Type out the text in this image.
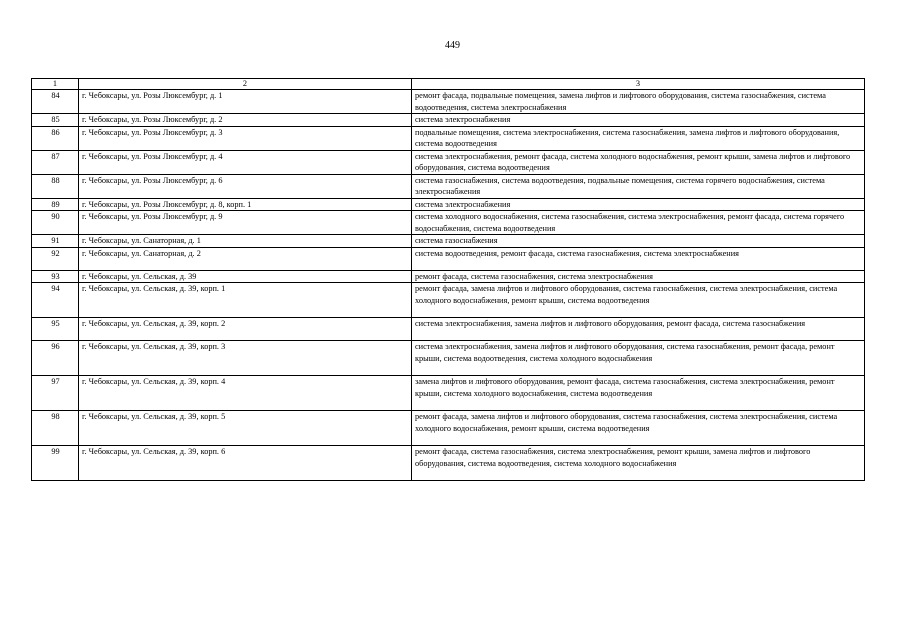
449
1	2	3
84	г. Чебоксары, ул. Розы Люксембург, д. 1	ремонт фасада, подвальные помещения, замена лифтов и лифтового оборудования, система газоснабжения, система водоотведения, система электроснабжения
85	г. Чебоксары, ул. Розы Люксембург, д. 2	система электроснабжения
86	г. Чебоксары, ул. Розы Люксембург, д. 3	подвальные помещения, система электроснабжения, система газоснабжения, замена лифтов и лифтового оборудования, система водоотведения
87	г. Чебоксары, ул. Розы Люксембург, д. 4	система электроснабжения, ремонт фасада, система холодного водоснабжения, ремонт крыши, замена лифтов и лифтового оборудования, система водоотведения
88	г. Чебоксары, ул. Розы Люксембург, д. 6	система газоснабжения, система водоотведения, подвальные помещения, система горячего водоснабжения, система электроснабжения
89	г. Чебоксары, ул. Розы Люксембург, д. 8, корп. 1	система электроснабжения
90	г. Чебоксары, ул. Розы Люксембург, д. 9	система холодного водоснабжения, система газоснабжения, система электроснабжения, ремонт фасада, система горячего водоснабжения, система водоотведения
91	г. Чебоксары, ул. Санаторная, д. 1	система газоснабжения
92	г. Чебоксары, ул. Санаторная, д. 2	система водоотведения, ремонт фасада, система газоснабжения, система электроснабжения
93	г. Чебоксары, ул. Сельская, д. 39	ремонт фасада, система газоснабжения, система электроснабжения
94	г. Чебоксары, ул. Сельская, д. 39, корп. 1	ремонт фасада, замена лифтов и лифтового оборудования, система газоснабжения, система электроснабжения, система холодного водоснабжения, ремонт крыши, система водоотведения
95	г. Чебоксары, ул. Сельская, д. 39, корп. 2	система электроснабжения, замена лифтов и лифтового оборудования, ремонт фасада, система газоснабжения
96	г. Чебоксары, ул. Сельская, д. 39, корп. 3	система электроснабжения, замена лифтов и лифтового оборудования, система газоснабжения, ремонт фасада, ремонт крыши, система водоотведения, система холодного водоснабжения
97	г. Чебоксары, ул. Сельская, д. 39, корп. 4	замена лифтов и лифтового оборудования, ремонт фасада, система газоснабжения, система электроснабжения, ремонт крыши, система холодного водоснабжения, система водоотведения
98	г. Чебоксары, ул. Сельская, д. 39, корп. 5	ремонт фасада, замена лифтов и лифтового оборудования, система газоснабжения, система электроснабжения, система холодного водоснабжения, ремонт крыши, система водоотведения
99	г. Чебоксары, ул. Сельская, д. 39, корп. 6	ремонт фасада, система газоснабжения, система электроснабжения, ремонт крыши, замена лифтов и лифтового оборудования, система водоотведения, система холодного водоснабжения
